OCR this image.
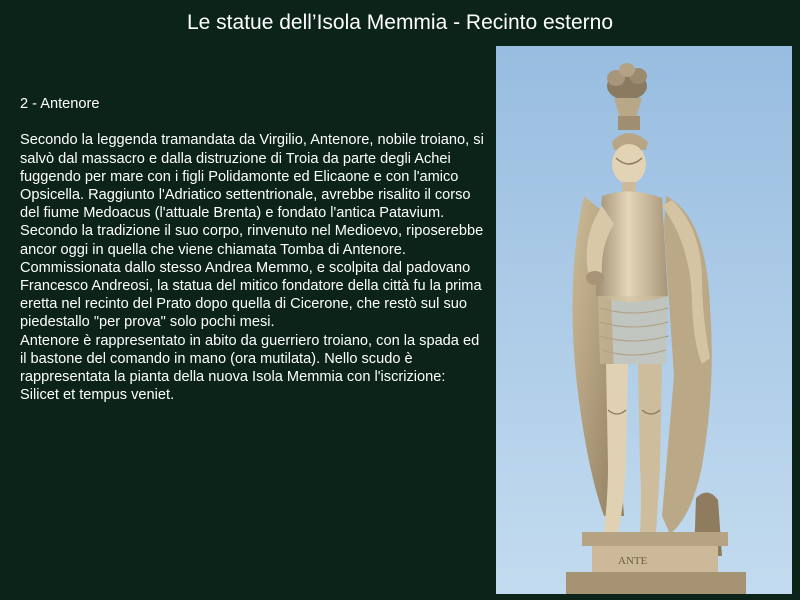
Le statue dell’Isola Memmia - Recinto esterno

2 - Antenore

Secondo la leggenda tramandata da Virgilio, Antenore, nobile troiano, si salvò dal massacro e dalla distruzione di Troia da parte degli Achei fuggendo per mare con i figli Polidamonte ed Elicaone e con l'amico Opsicella. Raggiunto l'Adriatico settentrionale, avrebbe risalito il corso del fiume Medoacus (l'attuale Brenta) e fondato l'antica Patavium.

Secondo la tradizione il suo corpo, rinvenuto nel Medioevo, riposerebbe ancor oggi in quella che viene chiamata Tomba di Antenore.

Commissionata dallo stesso Andrea Memmo, e scolpita dal padovano Francesco Andreosi, la statua del mitico fondatore della città fu la prima eretta nel recinto del Prato dopo quella di Cicerone, che restò sul suo piedestallo "per prova" solo pochi mesi.

Antenore è rappresentato in abito da guerriero troiano, con la spada ed il bastone del comando in mano (ora mutilata). Nello scudo è rappresentata la pianta della nuova Isola Memmia con l'iscrizione: Silicet et tempus veniet.

ANTE
